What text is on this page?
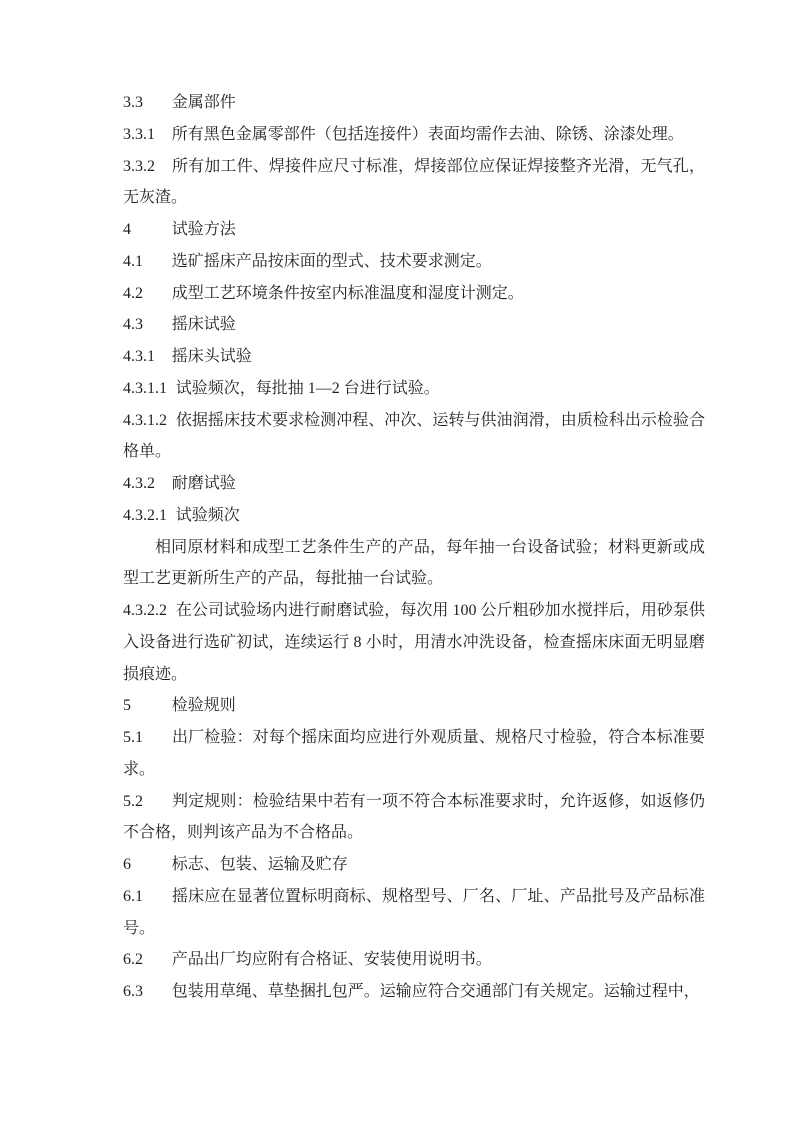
3.3 金属部件

3.3.1 所有黑色金属零部件（包括连接件）表面均需作去油、除锈、涂漆处理。

3.3.2 所有加工件、焊接件应尺寸标准，焊接部位应保证焊接整齐光滑，无气孔，无灰渣。

4	试验方法

4.1 选矿摇床产品按床面的型式、技术要求测定。

4.2 成型工艺环境条件按室内标准温度和湿度计测定。

4.3 摇床试验

4.3.1 摇床头试验

4.3.1.1 试验频次，每批抽 1—2 台进行试验。

4.3.1.2 依据摇床技术要求检测冲程、冲次、运转与供油润滑，由质检科出示检验合格单。

4.3.2 耐磨试验

4.3.2.1 试验频次

相同原材料和成型工艺条件生产的产品，每年抽一台设备试验；材料更新或成型工艺更新所生产的产品，每批抽一台试验。

4.3.2.2 在公司试验场内进行耐磨试验，每次用 100 公斤粗砂加水搅拌后，用砂泵供入设备进行选矿初试，连续运行 8 小时，用清水冲洗设备，检查摇床床面无明显磨损痕迹。

5	检验规则

5.1 出厂检验：对每个摇床面均应进行外观质量、规格尺寸检验，符合本标准要求。

5.2 判定规则：检验结果中若有一项不符合本标准要求时，允许返修，如返修仍不合格，则判该产品为不合格品。

6	标志、包装、运输及贮存

6.1 摇床应在显著位置标明商标、规格型号、厂名、厂址、产品批号及产品标准号。

6.2 产品出厂均应附有合格证、安装使用说明书。

6.3 包装用草绳、草垫捆扎包严。运输应符合交通部门有关规定。运输过程中，
